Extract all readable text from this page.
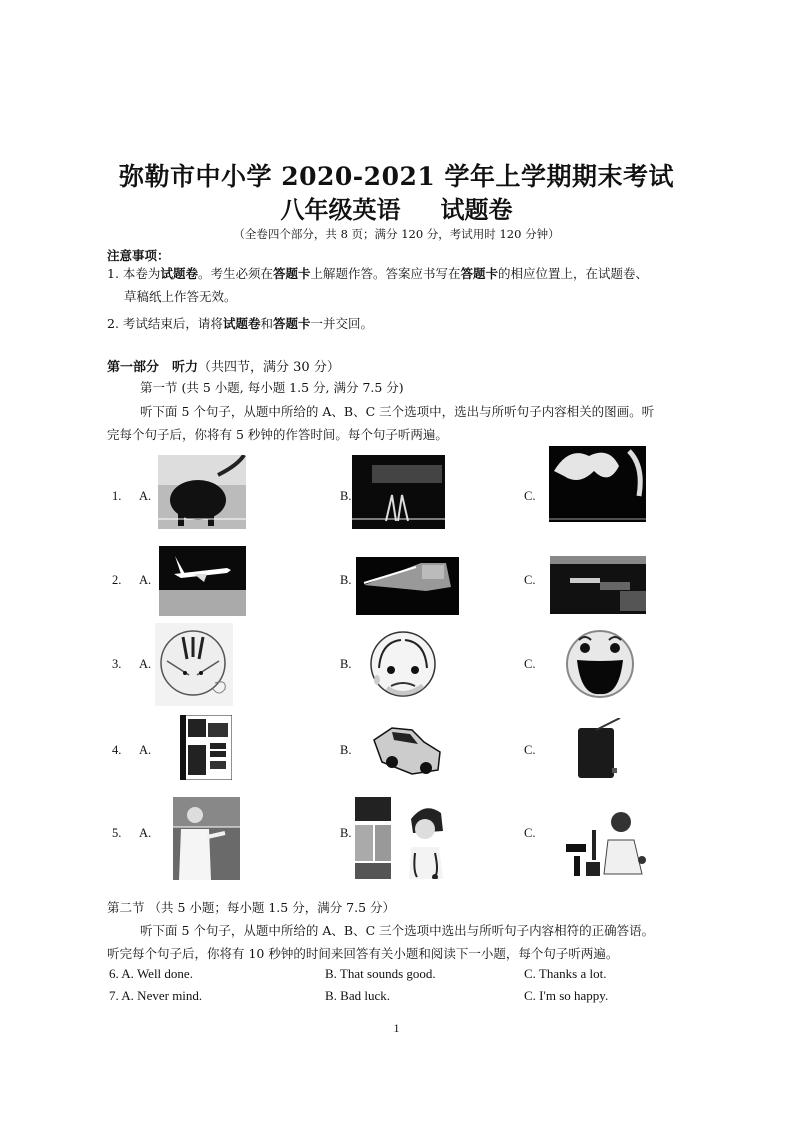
弥勒市中小学 2020-2021 学年上学期期末考试
八年级英语 试题卷
（全卷四个部分，共 8 页；满分 120 分，考试用时 120 分钟）
注意事项：
1. 本卷为试题卷。考生必须在答题卡上解题作答。答案应书写在答题卡的相应位置上，在试题卷、
草稿纸上作答无效。
2. 考试结束后，请将试题卷和答题卡一并交回。
第一部分　听力（共四节，满分 30 分）
第一节 (共 5 小题, 每小题 1.5 分, 满分 7.5 分)
听下面 5 个句子，从题中所给的 A、B、C 三个选项中，选出与所听句子内容相关的图画。听
完每个句子后，你将有 5 秒钟的作答时间。每个句子听两遍。
1. A.	B.	C.
2. A.	B.	C.
3. A.	B.	C.
4. A.	B.	C.
5. A.	B.	C.
第二节 （共 5 小题；每小题 1.5 分，满分 7.5 分）
听下面 5 个句子，从题中所给的 A、B、C 三个选项中选出与所听句子内容相符的正确答语。
听完每个句子后，你将有 10 秒钟的时间来回答有关小题和阅读下一小题，每个句子听两遍。
6. A. Well done.	B. That sounds good.	C. Thanks a lot.
7. A. Never mind.	B. Bad luck.	C. I'm so happy.
1
